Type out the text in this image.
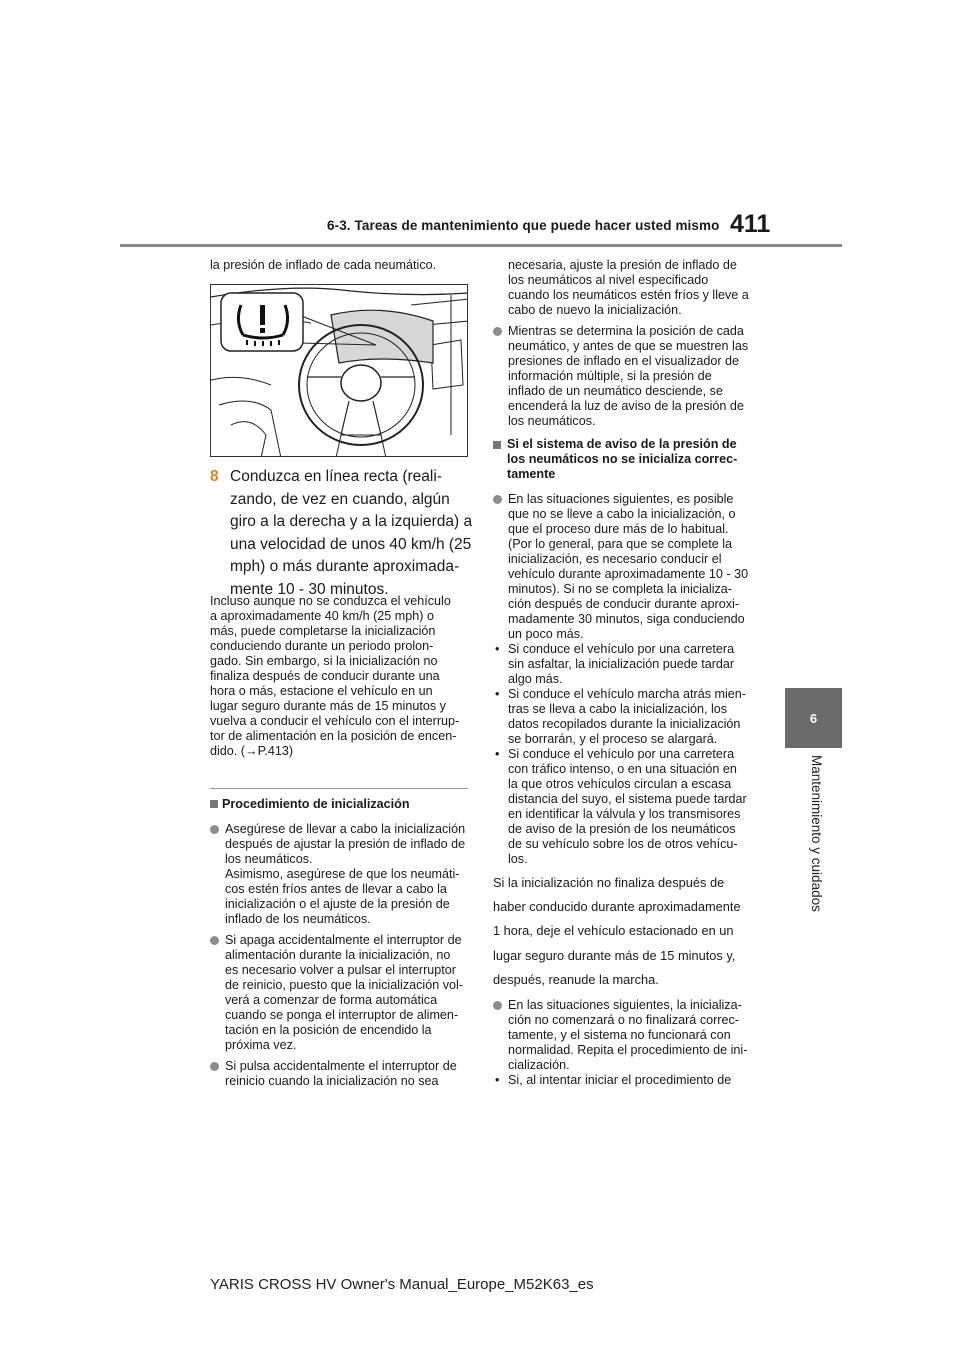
6-3. Tareas de mantenimiento que puede hacer usted mismo 411
6
Mantenimiento y cuidados
la presión de inflado de cada neumático.
8 Conduzca en línea recta (reali-
zando, de vez en cuando, algún
giro a la derecha y a la izquierda) a
una velocidad de unos 40 km/h (25
mph) o más durante aproximada-
mente 10 - 30 minutos.
Incluso aunque no se conduzca el vehículo
a aproximadamente 40 km/h (25 mph) o
más, puede completarse la inicialización
conduciendo durante un periodo prolon-
gado. Sin embargo, si la inicialización no
finaliza después de conducir durante una
hora o más, estacione el vehículo en un
lugar seguro durante más de 15 minutos y
vuelva a conducir el vehículo con el interrup-
tor de alimentación en la posición de encen-
dido. (→P.413)
Procedimiento de inicialización
Asegúrese de llevar a cabo la inicialización
después de ajustar la presión de inflado de
los neumáticos.
Asimismo, asegúrese de que los neumáti-
cos estén fríos antes de llevar a cabo la
inicialización o el ajuste de la presión de
inflado de los neumáticos.
Si apaga accidentalmente el interruptor de
alimentación durante la inicialización, no
es necesario volver a pulsar el interruptor
de reinicio, puesto que la inicialización vol-
verá a comenzar de forma automática
cuando se ponga el interruptor de alimen-
tación en la posición de encendido la
próxima vez.
Si pulsa accidentalmente el interruptor de
reinicio cuando la inicialización no sea
necesaria, ajuste la presión de inflado de
los neumáticos al nivel especificado
cuando los neumáticos estén fríos y lleve a
cabo de nuevo la inicialización.
Mientras se determina la posición de cada
neumático, y antes de que se muestren las
presiones de inflado en el visualizador de
información múltiple, si la presión de
inflado de un neumático desciende, se
encenderá la luz de aviso de la presión de
los neumáticos.
Si el sistema de aviso de la presión de
los neumáticos no se inicializa correc-
tamente
En las situaciones siguientes, es posible
que no se lleve a cabo la inicialización, o
que el proceso dure más de lo habitual.
(Por lo general, para que se complete la
inicialización, es necesario conducir el
vehículo durante aproximadamente 10 - 30
minutos). Si no se completa la inicializa-
ción después de conducir durante aproxi-
madamente 30 minutos, siga conduciendo
un poco más.
• Si conduce el vehículo por una carretera
sin asfaltar, la inicialización puede tardar
algo más.
• Si conduce el vehículo marcha atrás mien-
tras se lleva a cabo la inicialización, los
datos recopilados durante la inicialización
se borrarán, y el proceso se alargará.
• Si conduce el vehículo por una carretera
con tráfico intenso, o en una situación en
la que otros vehículos circulan a escasa
distancia del suyo, el sistema puede tardar
en identificar la válvula y los transmisores
de aviso de la presión de los neumáticos
de su vehículo sobre los de otros vehícu-
los.
Si la inicialización no finaliza después de
haber conducido durante aproximadamente
1 hora, deje el vehículo estacionado en un
lugar seguro durante más de 15 minutos y,
después, reanude la marcha.
En las situaciones siguientes, la inicializa-
ción no comenzará o no finalizará correc-
tamente, y el sistema no funcionará con
normalidad. Repita el procedimiento de ini-
cialización.
• Si, al intentar iniciar el procedimiento de
YARIS CROSS HV Owner's Manual_Europe_M52K63_es
